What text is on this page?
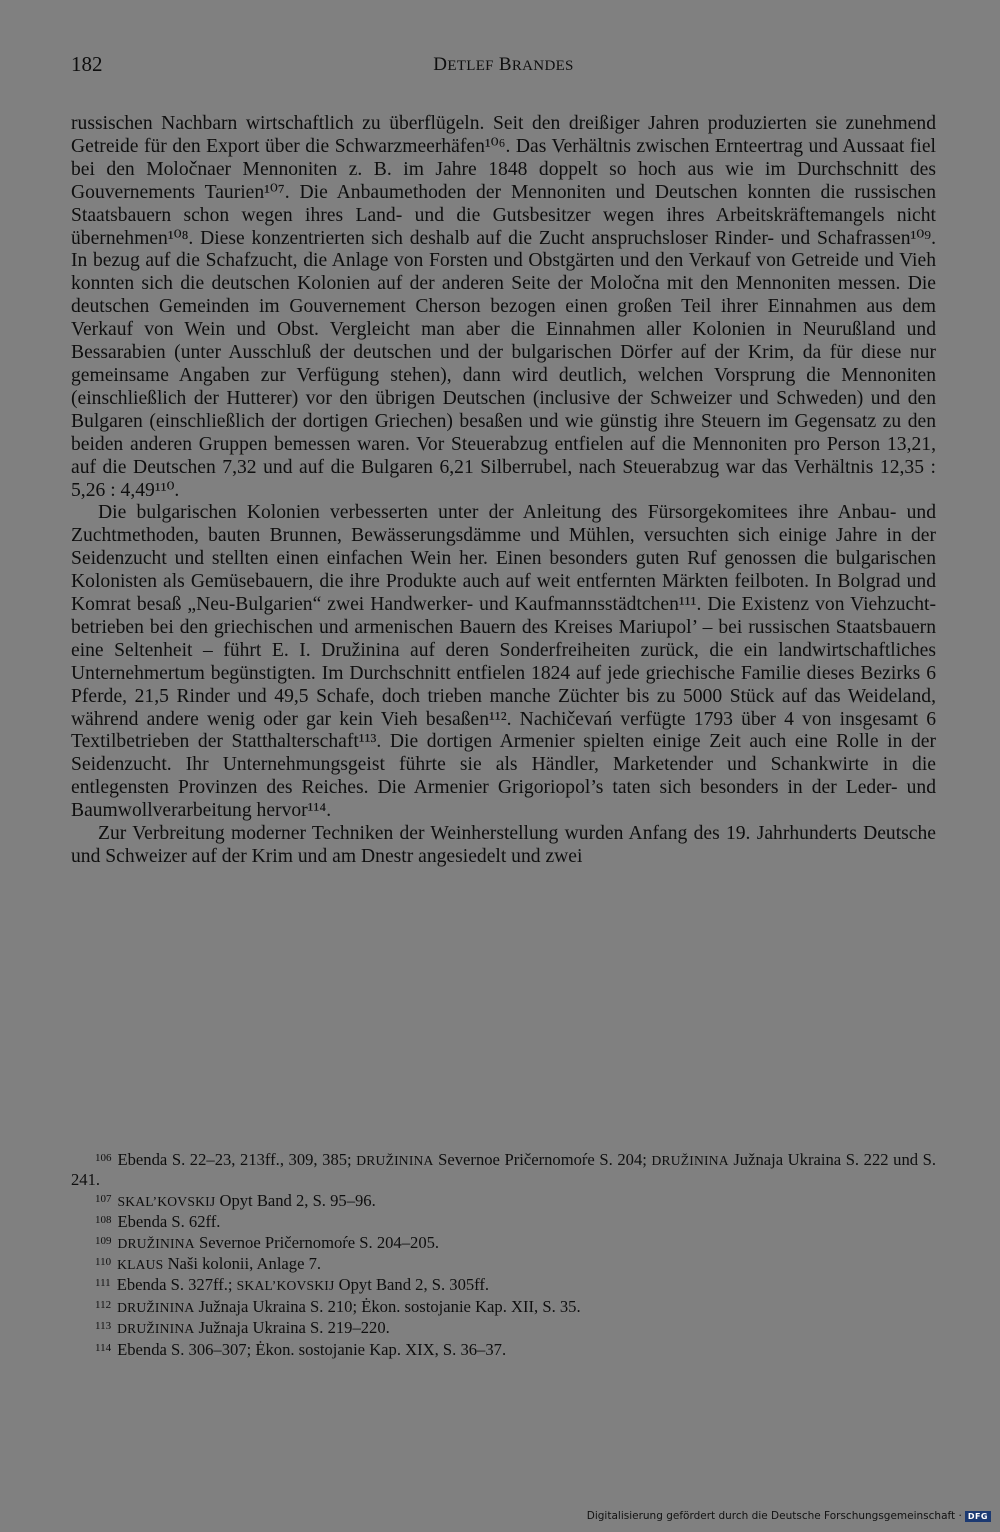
182	DETLEF BRANDES

russischen Nachbarn wirtschaftlich zu überflügeln. Seit den dreißiger Jahren produzierten sie zunehmend Getreide für den Export über die Schwarzmeerhäfen¹⁰⁶. Das Verhältnis zwischen Ernteertrag und Aussaat fiel bei den Moločnaer Mennoniten z. B. im Jahre 1848 doppelt so hoch aus wie im Durchschnitt des Gouvernements Taurien¹⁰⁷. Die Anbaumethoden der Mennoniten und Deutschen konnten die russischen Staatsbauern schon wegen ihres Land- und die Gutsbesitzer wegen ihres Arbeitskräftemangels nicht übernehmen¹⁰⁸. Diese konzentrierten sich deshalb auf die Zucht anspruchsloser Rinder- und Schafrassen¹⁰⁹. In bezug auf die Schafzucht, die Anlage von Forsten und Obstgärten und den Verkauf von Getreide und Vieh konnten sich die deutschen Kolonien auf der anderen Seite der Moločna mit den Mennoniten messen. Die deutschen Gemeinden im Gouvernement Cherson bezogen einen großen Teil ihrer Einnahmen aus dem Verkauf von Wein und Obst. Vergleicht man aber die Einnahmen aller Kolonien in Neurußland und Bessarabien (unter Ausschluß der deutschen und der bulgarischen Dörfer auf der Krim, da für diese nur gemeinsame Angaben zur Verfügung stehen), dann wird deutlich, welchen Vorsprung die Mennoniten (einschließlich der Hutterer) vor den übrigen Deutschen (inclusive der Schweizer und Schweden) und den Bulgaren (einschließlich der dortigen Griechen) besaßen und wie günstig ihre Steuern im Gegensatz zu den beiden anderen Gruppen bemessen waren. Vor Steuerabzug entfielen auf die Mennoniten pro Person 13,21, auf die Deutschen 7,32 und auf die Bulgaren 6,21 Silberrubel, nach Steuerabzug war das Verhältnis 12,35 : 5,26 : 4,49¹¹⁰.

Die bulgarischen Kolonien verbesserten unter der Anleitung des Fürsorgekomitees ihre Anbau- und Zuchtmethoden, bauten Brunnen, Bewässerungsdämme und Mühlen, versuchten sich einige Jahre in der Seidenzucht und stellten einen einfachen Wein her. Einen besonders guten Ruf genossen die bulgarischen Kolonisten als Gemüsebauern, die ihre Produkte auch auf weit entfernten Märkten feilboten. In Bolgrad und Komrat besaß „Neu-Bulgarien“ zwei Handwerker- und Kaufmannsstädtchen¹¹¹. Die Existenz von Viehzuchtbetrieben bei den griechischen und armenischen Bauern des Kreises Mariupol’ – bei russischen Staatsbauern eine Seltenheit – führt E. I. Družinina auf deren Sonderfreiheiten zurück, die ein landwirtschaftliches Unternehmertum begünstigten. Im Durchschnitt entfielen 1824 auf jede griechische Familie dieses Bezirks 6 Pferde, 21,5 Rinder und 49,5 Schafe, doch trieben manche Züchter bis zu 5000 Stück auf das Weideland, während andere wenig oder gar kein Vieh besaßen¹¹². Nachičevań verfügte 1793 über 4 von insgesamt 6 Textilbetrieben der Statthalterschaft¹¹³. Die dortigen Armenier spielten einige Zeit auch eine Rolle in der Seidenzucht. Ihr Unternehmungsgeist führte sie als Händler, Marketender und Schankwirte in die entlegensten Provinzen des Reiches. Die Armenier Grigoriopol’s taten sich besonders in der Leder- und Baumwollverarbeitung hervor¹¹⁴.

Zur Verbreitung moderner Techniken der Weinherstellung wurden Anfang des 19. Jahrhunderts Deutsche und Schweizer auf der Krim und am Dnestr angesiedelt und zwei

$^{106}$ Ebenda S. 22–23, 213ff., 309, 385; DRUŽININA Severnoe Pričernomoŕe S. 204; DRUŽININA Južnaja Ukraina S. 222 und S. 241.

$^{107}$ SKAL’KOVSKIJ Opyt Band 2, S. 95–96.

$^{108}$ Ebenda S. 62ff.

$^{109}$ DRUŽININA Severnoe Pričernomoŕe S. 204–205.

$^{110}$ KLAUS Naši kolonii, Anlage 7.

$^{111}$ Ebenda S. 327ff.; SKAL’KOVSKIJ Opyt Band 2, S. 305ff.

$^{112}$ DRUŽININA Južnaja Ukraina S. 210; Ėkon. sostojanie Kap. XII, S. 35.

$^{113}$ DRUŽININA Južnaja Ukraina S. 219–220.

$^{114}$ Ebenda S. 306–307; Ėkon. sostojanie Kap. XIX, S. 36–37.

Digitalisierung gefördert durch die Deutsche Forschungsgemeinschaft · DFG
